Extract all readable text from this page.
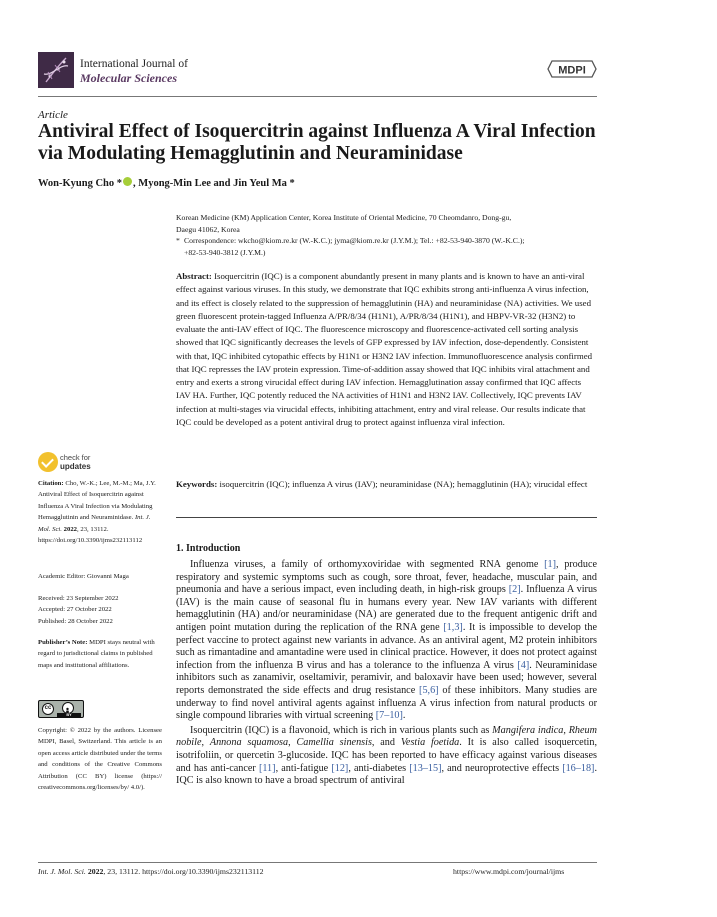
International Journal of
Molecular Sciences
MDPI
Article
Antiviral Effect of Isoquercitrin against Influenza A Viral Infection via Modulating Hemagglutinin and Neuraminidase
Won-Kyung Cho * , Myong-Min Lee and Jin Yeul Ma *
Korean Medicine (KM) Application Center, Korea Institute of Oriental Medicine, 70 Cheomdanro, Dong-gu,
Daegu 41062, Korea
* Correspondence: wkcho@kiom.re.kr (W.-K.C.); jyma@kiom.re.kr (J.Y.M.); Tel.: +82-53-940-3870 (W.-K.C.);
+82-53-940-3812 (J.Y.M.)
Abstract: Isoquercitrin (IQC) is a component abundantly present in many plants and is known to have an anti-viral effect against various viruses. In this study, we demonstrate that IQC exhibits strong anti-influenza A virus infection, and its effect is closely related to the suppression of hemagglutinin (HA) and neuraminidase (NA) activities. We used green fluorescent protein-tagged Influenza A/PR/8/34 (H1N1), A/PR/8/34 (H1N1), and HBPV-VR-32 (H3N2) to evaluate the anti-IAV effect of IQC. The fluorescence microscopy and fluorescence-activated cell sorting analysis showed that IQC significantly decreases the levels of GFP expressed by IAV infection, dose-dependently. Consistent with that, IQC inhibited cytopathic effects by H1N1 or H3N2 IAV infection. Immunofluorescence analysis confirmed that IQC represses the IAV protein expression. Time-of-addition assay showed that IQC inhibits viral attachment and entry and exerts a strong virucidal effect during IAV infection. Hemagglutination assay confirmed that IQC affects IAV HA. Further, IQC potently reduced the NA activities of H1N1 and H3N2 IAV. Collectively, IQC prevents IAV infection at multi-stages via virucidal effects, inhibiting attachment, entry and viral release. Our results indicate that IQC could be developed as a potent antiviral drug to protect against influenza viral infection.
Keywords: isoquercitrin (IQC); influenza A virus (IAV); neuraminidase (NA); hemagglutinin (HA); virucidal effect
check for
updates
Citation: Cho, W.-K.; Lee, M.-M.; Ma, J.Y. Antiviral Effect of Isoquercitrin against Influenza A Viral Infection via Modulating Hemagglutinin and Neuraminidase. Int. J. Mol. Sci. 2022, 23, 13112. https://doi.org/10.3390/ijms232113112
Academic Editor: Giovanni Maga
Received: 23 September 2022
Accepted: 27 October 2022
Published: 28 October 2022
Publisher’s Note: MDPI stays neutral with regard to jurisdictional claims in published maps and institutional affiliations.
cc
BY
Copyright: © 2022 by the authors. Licensee MDPI, Basel, Switzerland. This article is an open access article distributed under the terms and conditions of the Creative Commons Attribution (CC BY) license (https:// creativecommons.org/licenses/by/ 4.0/).
1. Introduction

Influenza viruses, a family of orthomyxoviridae with segmented RNA genome [1], produce respiratory and systemic symptoms such as cough, sore throat, fever, headache, muscular pain, and pneumonia and have a serious impact, even including death, in high-risk groups [2]. Influenza A virus (IAV) is the main cause of seasonal flu in humans every year. New IAV variants with different hemagglutinin (HA) and/or neuraminidase (NA) are generated due to the frequent antigenic drift and antigen point mutation during the replication of the RNA gene [1,3]. It is impossible to develop the perfect vaccine to protect against new variants in advance. As an antiviral agent, M2 protein inhibitors such as rimantadine and amantadine were used in clinical practice. However, it does not protect against infection from the influenza B virus and has a tolerance to the influenza A virus [4]. Neuraminidase inhibitors such as zanamivir, oseltamivir, peramivir, and baloxavir have been used; however, several reports demonstrated the side effects and drug resistance [5,6] of these inhibitors. Many studies are underway to find novel antiviral agents against influenza A virus infection from natural products or single compound libraries with virtual screening [7–10].

Isoquercitrin (IQC) is a flavonoid, which is rich in various plants such as Mangifera indica, Rheum nobile, Annona squamosa, Camellia sinensis, and Vestia foetida. It is also called isoquercetin, isotrifoliin, or quercetin 3-glucoside. IQC has been reported to have efficacy against various diseases and has anti-cancer [11], anti-fatigue [12], anti-diabetes [13–15], and neuroprotective effects [16–18]. IQC is also known to have a broad spectrum of antiviral

Int. J. Mol. Sci. 2022, 23, 13112. https://doi.org/10.3390/ijms232113112	https://www.mdpi.com/journal/ijms
